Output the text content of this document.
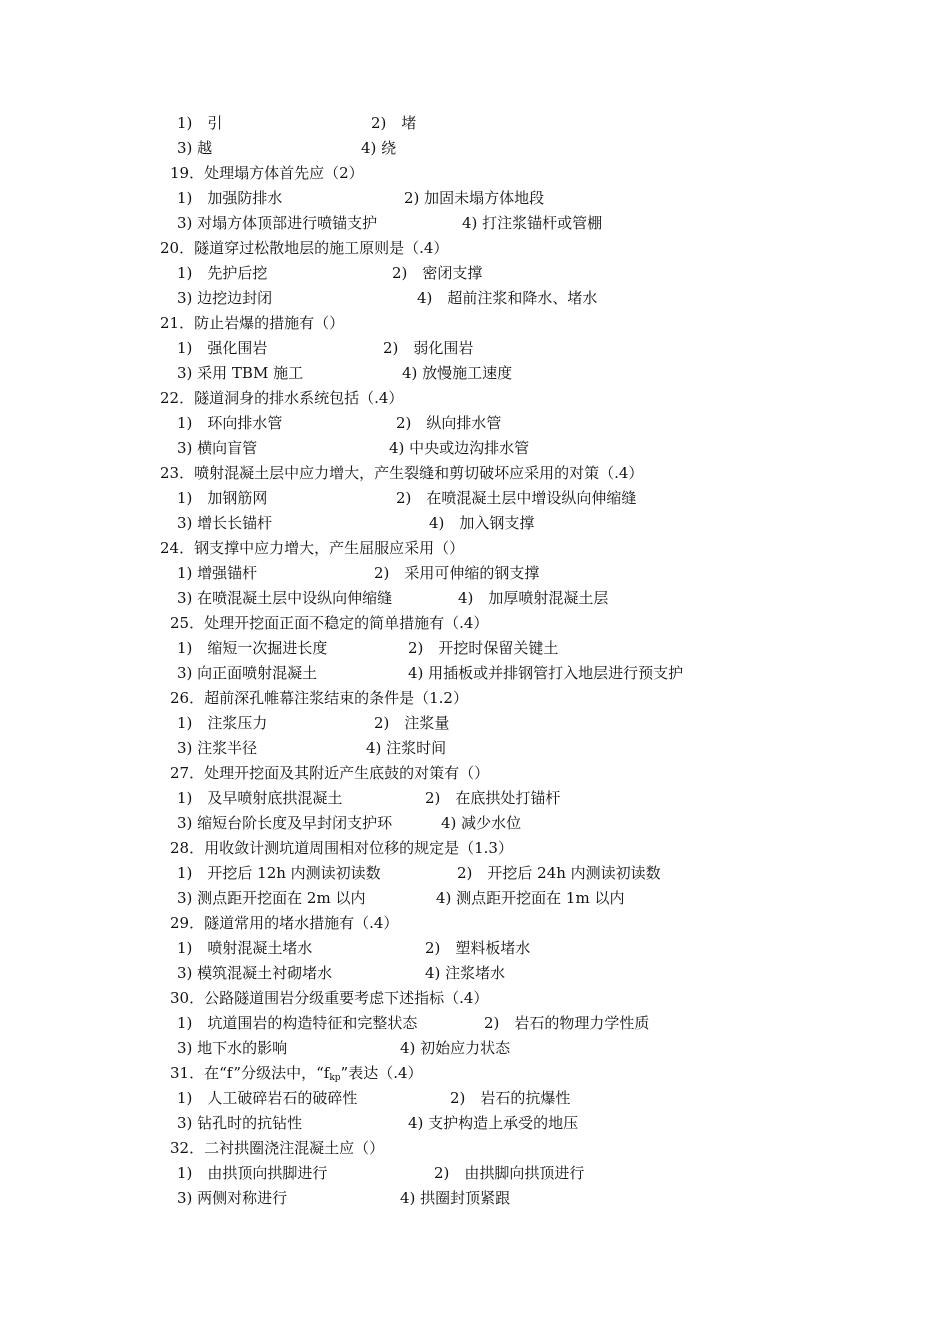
1)　引	2)　堵
3) 越	4) 绕
19．处理塌方体首先应（2）
1)　加强防排水	2) 加固未塌方体地段
3) 对塌方体顶部进行喷锚支护	4) 打注浆锚杆或管棚
20．隧道穿过松散地层的施工原则是（.4）
1)　先护后挖	2)　密闭支撑
3) 边挖边封闭	4)　超前注浆和降水、堵水
21．防止岩爆的措施有（）
1)　强化围岩	2)　弱化围岩
3) 采用 TBM 施工	4) 放慢施工速度
22．隧道洞身的排水系统包括（.4）
1)　环向排水管	2)　纵向排水管
3) 横向盲管	4) 中央或边沟排水管
23．喷射混凝土层中应力增大，产生裂缝和剪切破坏应采用的对策（.4）
1)　加钢筋网	2)　在喷混凝土层中增设纵向伸缩缝
3) 增长长锚杆	4)　加入钢支撑
24．钢支撑中应力增大，产生屈服应采用（）
1) 增强锚杆	2)　采用可伸缩的钢支撑
3) 在喷混凝土层中设纵向伸缩缝	4)　加厚喷射混凝土层
25．处理开挖面正面不稳定的简单措施有（.4）
1)　缩短一次掘进长度	2)　开挖时保留关键土
3) 向正面喷射混凝土	4) 用插板或并排钢管打入地层进行预支护
26．超前深孔帷幕注浆结束的条件是（1.2）
1)　注浆压力	2)　注浆量
3) 注浆半径	4) 注浆时间
27．处理开挖面及其附近产生底鼓的对策有（）
1)　及早喷射底拱混凝土	2)　在底拱处打锚杆
3) 缩短台阶长度及早封闭支护环	4) 减少水位
28．用收敛计测坑道周围相对位移的规定是（1.3）
1)　开挖后 12h 内测读初读数	2)　开挖后 24h 内测读初读数
3) 测点距开挖面在 2m 以内	4) 测点距开挖面在 1m 以内
29．隧道常用的堵水措施有（.4）
1)　喷射混凝土堵水	2)　塑料板堵水
3) 模筑混凝土衬砌堵水	4) 注浆堵水
30．公路隧道围岩分级重要考虑下述指标（.4）
1)　坑道围岩的构造特征和完整状态	2)　岩石的物理力学性质
3) 地下水的影响	4) 初始应力状态
31．在“f”分级法中，“$f_{kp}$”表达（.4）
1)　人工破碎岩石的破碎性	2)　岩石的抗爆性
3) 钻孔时的抗钻性	4) 支护构造上承受的地压
32．二衬拱圈浇注混凝土应（）
1)　由拱顶向拱脚进行	2)　由拱脚向拱顶进行
3) 两侧对称进行	4) 拱圈封顶紧跟
